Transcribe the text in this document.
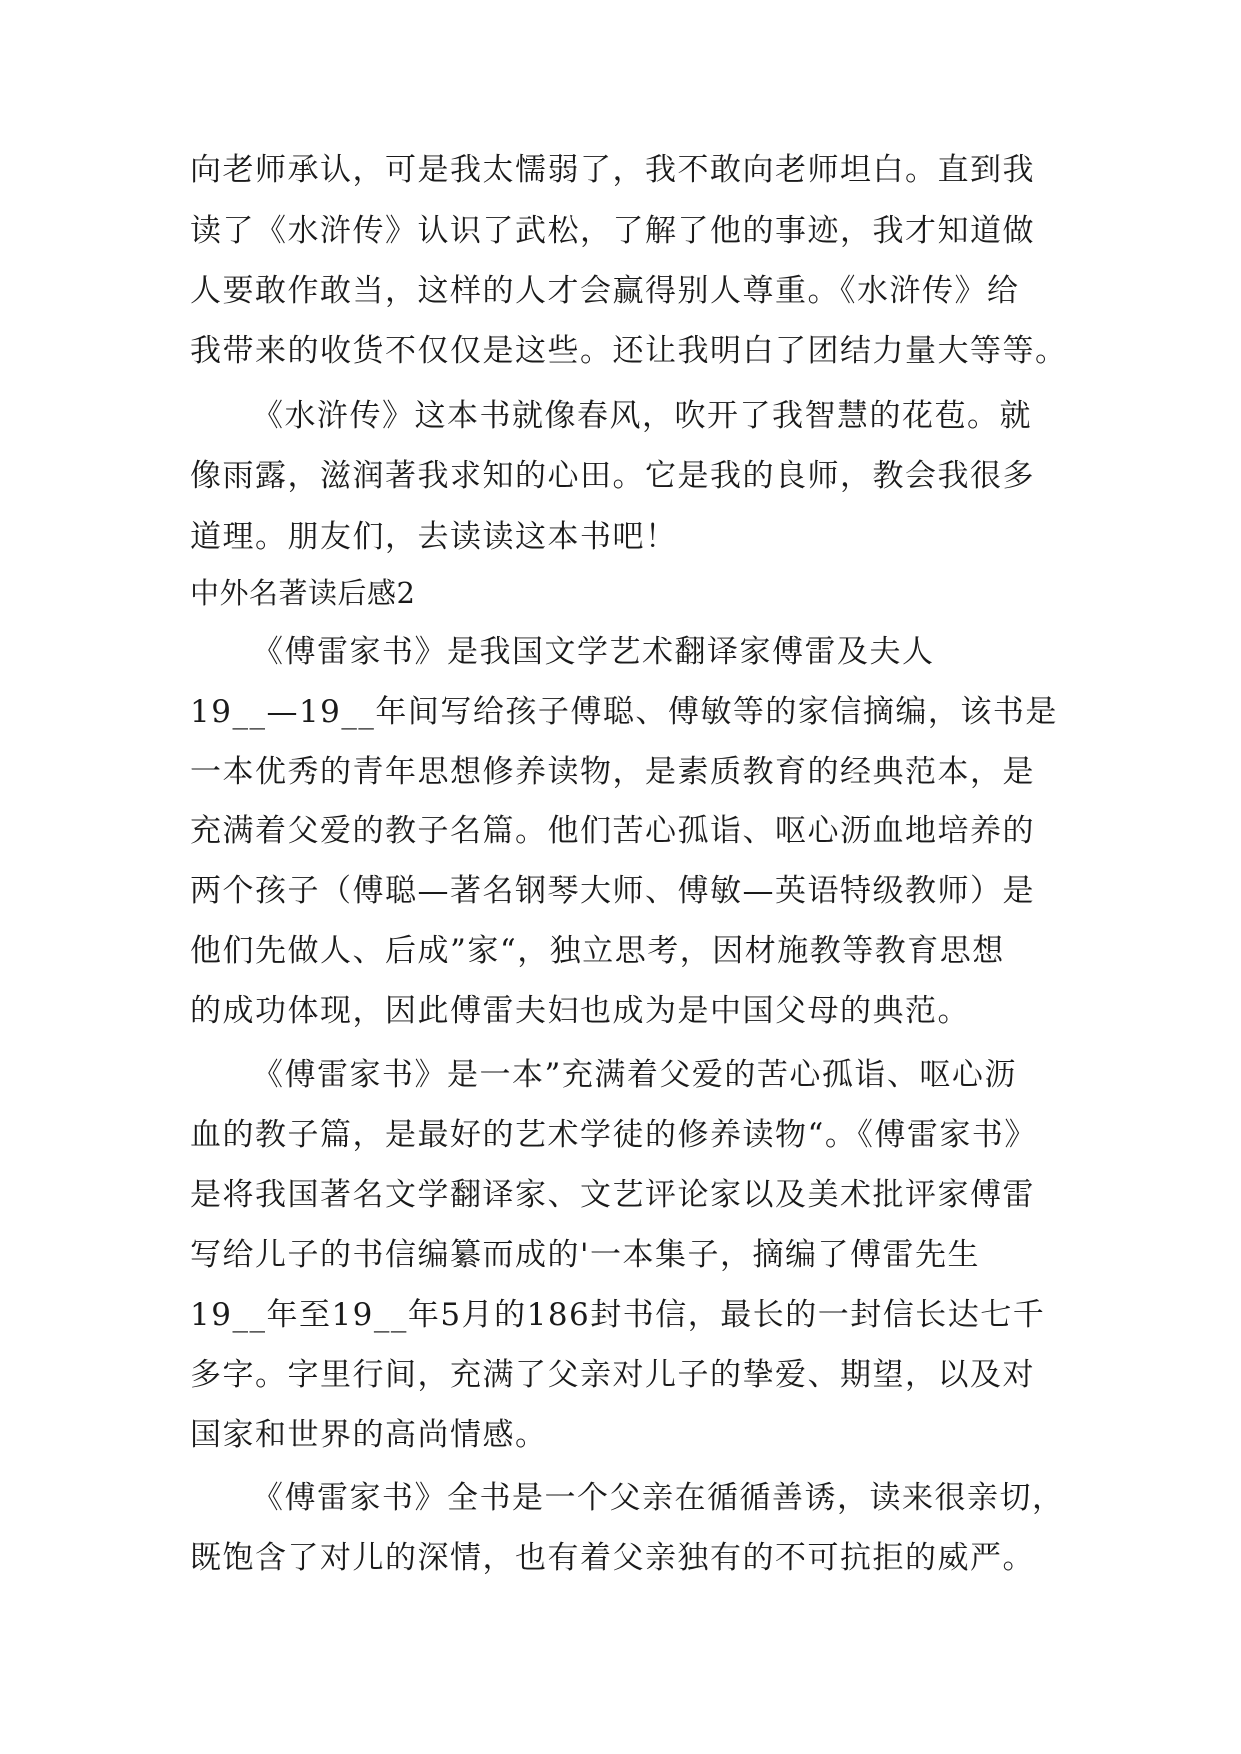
向老师承认，可是我太懦弱了，我不敢向老师坦白。直到我
读了《水浒传》认识了武松，了解了他的事迹，我才知道做
人要敢作敢当，这样的人才会赢得别人尊重。《水浒传》给
我带来的收货不仅仅是这些。还让我明白了团结力量大等等。
《水浒传》这本书就像春风，吹开了我智慧的花苞。就
像雨露，滋润著我求知的心田。它是我的良师，教会我很多
道理。朋友们，去读读这本书吧！
中外名著读后感2
《傅雷家书》是我国文学艺术翻译家傅雷及夫人
19__—19__年间写给孩子傅聪、傅敏等的家信摘编，该书是
一本优秀的青年思想修养读物，是素质教育的经典范本，是
充满着父爱的教子名篇。他们苦心孤诣、呕心沥血地培养的
两个孩子（傅聪—著名钢琴大师、傅敏—英语特级教师）是
他们先做人、后成”家“，独立思考，因材施教等教育思想
的成功体现，因此傅雷夫妇也成为是中国父母的典范。
《傅雷家书》是一本”充满着父爱的苦心孤诣、呕心沥
血的教子篇，是最好的艺术学徒的修养读物“。《傅雷家书》
是将我国著名文学翻译家、文艺评论家以及美术批评家傅雷
写给儿子的书信编纂而成的'一本集子，摘编了傅雷先生
19__年至19__年5月的186封书信，最长的一封信长达七千
多字。字里行间，充满了父亲对儿子的挚爱、期望，以及对
国家和世界的高尚情感。
《傅雷家书》全书是一个父亲在循循善诱，读来很亲切，
既饱含了对儿的深情，也有着父亲独有的不可抗拒的威严。
